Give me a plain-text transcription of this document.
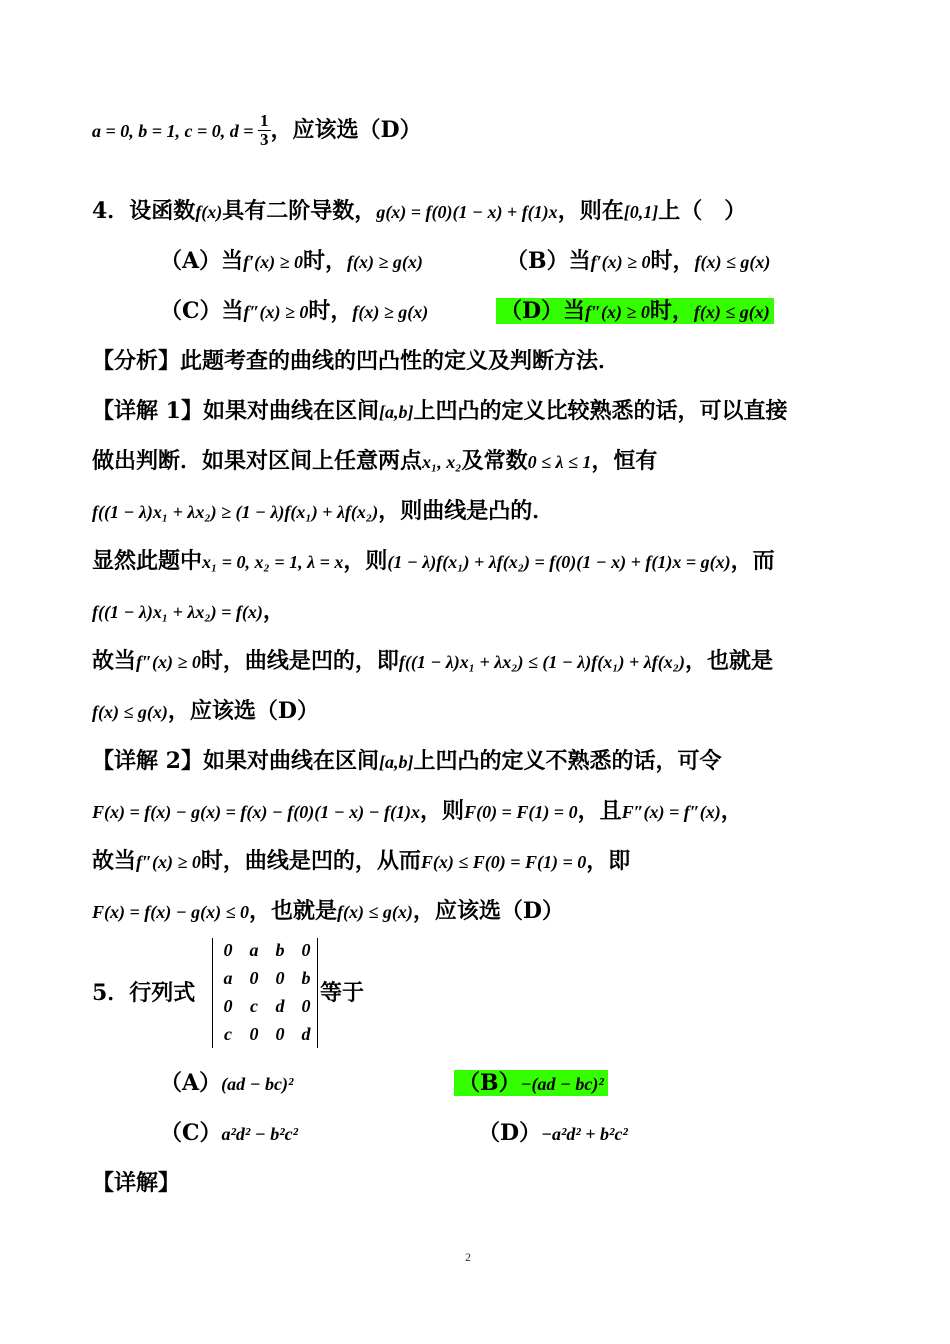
a = 0, b = 1, c = 0, $d = \frac{1}{3}$ ，应该选（D）
4．设函数f(x)具有二阶导数，g(x) = f(0)(1 − x) + f(1)x，则在[0,1]上（　）
（A）当f′(x) ≥ 0时，f(x) ≥ g(x)	（B）当f′(x) ≥ 0时，f(x) ≤ g(x)
（C）当f″(x) ≥ 0时，f(x) ≥ g(x)	（D）当f″(x) ≥ 0时，f(x) ≤ g(x)
【分析】此题考查的曲线的凹凸性的定义及判断方法．
【详解 1】如果对曲线在区间[a,b]上凹凸的定义比较熟悉的话，可以直接
做出判断．如果对区间上任意两点x₁, x₂及常数0 ≤ λ ≤ 1，恒有
f((1 − λ)x₁ + λx₂) ≥ (1 − λ)f(x₁) + λf(x₂)，则曲线是凸的．
显然此题中x₁ = 0, x₂ = 1, λ = x，则(1 − λ)f(x₁) + λf(x₂) = f(0)(1 − x) + f(1)x = g(x)，而
f((1 − λ)x₁ + λx₂) = f(x)，
故当f″(x) ≥ 0时，曲线是凹的，即f((1 − λ)x₁ + λx₂) ≤ (1 − λ)f(x₁) + λf(x₂)，也就是
f(x) ≤ g(x)，应该选（D）
【详解 2】如果对曲线在区间[a,b]上凹凸的定义不熟悉的话，可令
F(x) = f(x) − g(x) = f(x) − f(0)(1 − x) − f(1)x，则F(0) = F(1) = 0，且F″(x) = f″(x)，
故当f″(x) ≥ 0时，曲线是凹的，从而F(x) ≤ F(0) = F(1) = 0，即
F(x) = f(x) − g(x) ≤ 0，也就是f(x) ≤ g(x)，应该选（D）
5．行列式
0 a b 0
a 0 0 b
0 c d 0
c 0 0 d
等于
（A）(ad − bc)²	（B）−(ad − bc)²
（C）a²d² − b²c²	（D）−a²d² + b²c²
【详解】
2
